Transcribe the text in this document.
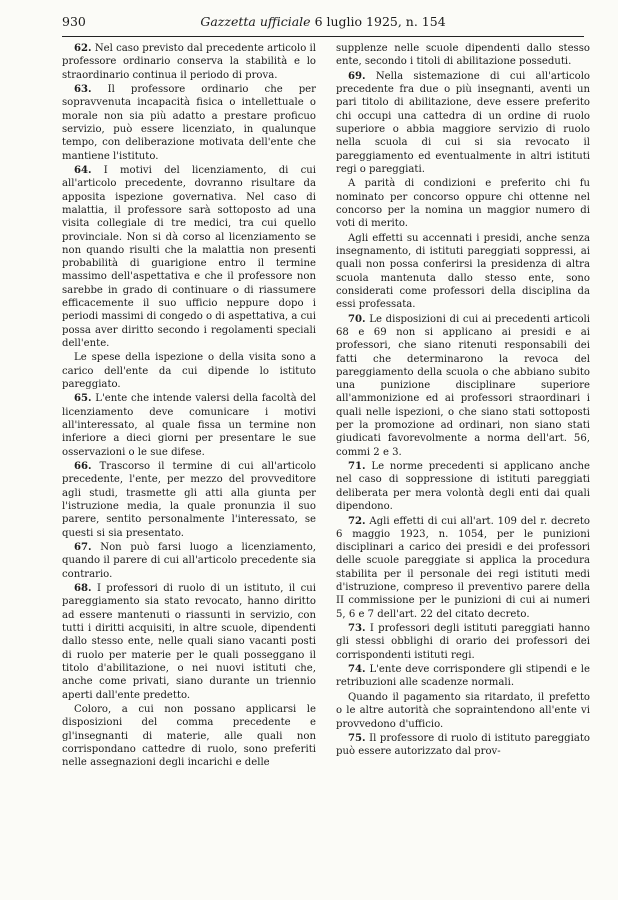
930	Gazzetta ufficiale 6 luglio 1925, n. 154

62. Nel caso previsto dal precedente articolo il professore ordinario conserva la stabilità e lo straordinario continua il periodo di prova.

63. Il professore ordinario che per sopravvenuta incapacità fisica o intellettuale o morale non sia più adatto a prestare proficuo servizio, può essere licenziato, in qualunque tempo, con deliberazione motivata dell'ente che mantiene l'istituto.

64. I motivi del licenziamento, di cui all'articolo precedente, dovranno risultare da apposita ispezione governativa. Nel caso di malattia, il professore sarà sottoposto ad una visita collegiale di tre medici, tra cui quello provinciale. Non si dà corso al licenziamento se non quando risulti che la malattia non presenti probabilità di guarigione entro il termine massimo dell'aspettativa e che il professore non sarebbe in grado di continuare o di riassumere efficacemente il suo ufficio neppure dopo i periodi massimi di congedo o di aspettativa, a cui possa aver diritto secondo i regolamenti speciali dell'ente.

Le spese della ispezione o della visita sono a carico dell'ente da cui dipende lo istituto pareggiato.

65. L'ente che intende valersi della facoltà del licenziamento deve comunicare i motivi all'interessato, al quale fissa un termine non inferiore a dieci giorni per presentare le sue osservazioni o le sue difese.

66. Trascorso il termine di cui all'articolo precedente, l'ente, per mezzo del provveditore agli studi, trasmette gli atti alla giunta per l'istruzione media, la quale pronunzia il suo parere, sentito personalmente l'interessato, se questi si sia presentato.

67. Non può farsi luogo a licenziamento, quando il parere di cui all'articolo precedente sia contrario.

68. I professori di ruolo di un istituto, il cui pareggiamento sia stato revocato, hanno diritto ad essere mantenuti o riassunti in servizio, con tutti i diritti acquisiti, in altre scuole, dipendenti dallo stesso ente, nelle quali siano vacanti posti di ruolo per materie per le quali posseggano il titolo d'abilitazione, o nei nuovi istituti che, anche come privati, siano durante un triennio aperti dall'ente predetto.

Coloro, a cui non possano applicarsi le disposizioni del comma precedente e gl'insegnanti di materie, alle quali non corrispondano cattedre di ruolo, sono preferiti nelle assegnazioni degli incarichi e delle

supplenze nelle scuole dipendenti dallo stesso ente, secondo i titoli di abilitazione posseduti.

69. Nella sistemazione di cui all'articolo precedente fra due o più insegnanti, aventi un pari titolo di abilitazione, deve essere preferito chi occupi una cattedra di un ordine di ruolo superiore o abbia maggiore servizio di ruolo nella scuola di cui si sia revocato il pareggiamento ed eventualmente in altri istituti regi o pareggiati.

A parità di condizioni e preferito chi fu nominato per concorso oppure chi ottenne nel concorso per la nomina un maggior numero di voti di merito.

Agli effetti su accennati i presidi, anche senza insegnamento, di istituti pareggiati soppressi, ai quali non possa conferirsi la presidenza di altra scuola mantenuta dallo stesso ente, sono considerati come professori della disciplina da essi professata.

70. Le disposizioni di cui ai precedenti articoli 68 e 69 non si applicano ai presidi e ai professori, che siano ritenuti responsabili dei fatti che determinarono la revoca del pareggiamento della scuola o che abbiano subito una punizione disciplinare superiore all'ammonizione ed ai professori straordinari i quali nelle ispezioni, o che siano stati sottoposti per la promozione ad ordinari, non siano stati giudicati favorevolmente a norma dell'art. 56, commi 2 e 3.

71. Le norme precedenti si applicano anche nel caso di soppressione di istituti pareggiati deliberata per mera volontà degli enti dai quali dipendono.

72. Agli effetti di cui all'art. 109 del r. decreto 6 maggio 1923, n. 1054, per le punizioni disciplinari a carico dei presidi e dei professori delle scuole pareggiate si applica la procedura stabilita per il personale dei regi istituti medi d'istruzione, compreso il preventivo parere della II commissione per le punizioni di cui ai numeri 5, 6 e 7 dell'art. 22 del citato decreto.

73. I professori degli istituti pareggiati hanno gli stessi obblighi di orario dei professori dei corrispondenti istituti regi.

74. L'ente deve corrispondere gli stipendi e le retribuzioni alle scadenze normali.

Quando il pagamento sia ritardato, il prefetto o le altre autorità che sopraintendono all'ente vi provvedono d'ufficio.

75. Il professore di ruolo di istituto pareggiato può essere autorizzato dal prov-
